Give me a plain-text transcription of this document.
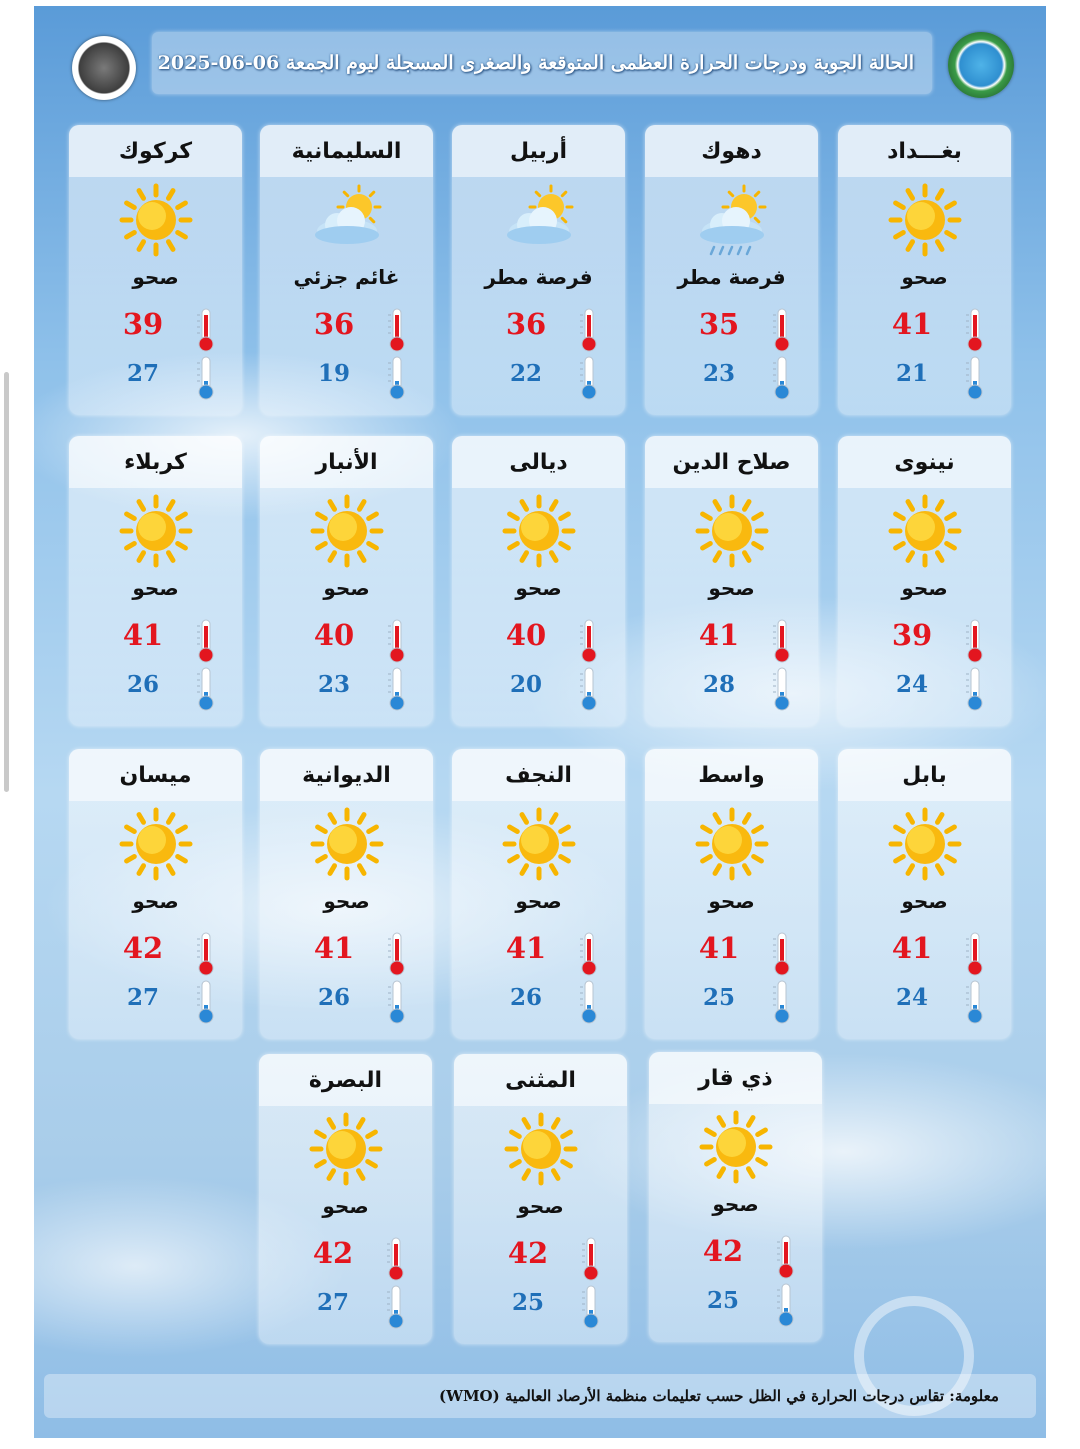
الحالة الجوية ودرجات الحرارة العظمى المتوقعة والصغرى المسجلة ليوم الجمعة 06-06-2025
بغـــداد
صحو
41
21
دهوك
فرصة مطر
35
23
أربيل
فرصة مطر
36
22
السليمانية
غائم جزئي
36
19
كركوك
صحو
39
27
نينوى
صحو
39
24
صلاح الدين
صحو
41
28
ديالى
صحو
40
20
الأنبار
صحو
40
23
كربلاء
صحو
41
26
بابل
صحو
41
24
واسط
صحو
41
25
النجف
صحو
41
26
الديوانية
صحو
41
26
ميسان
صحو
42
27
ذي قار
صحو
42
25
المثنى
صحو
42
25
البصرة
صحو
42
27
معلومة: تقاس درجات الحرارة في الظل حسب تعليمات منظمة الأرصاد العالمية (WMO)
